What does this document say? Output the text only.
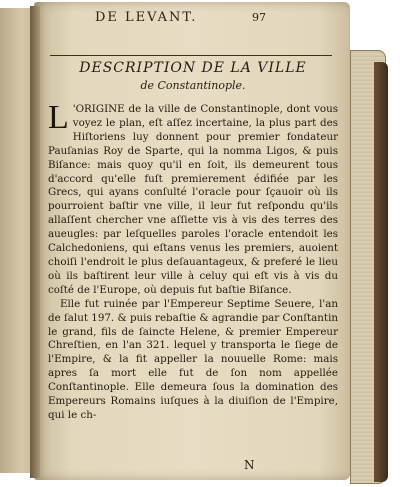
DE LEVANT.	97
DESCRIPTION DE LA VILLE
de Constantinople.

L 'ORIGINE de la ville de Constantinople, dont vous voyez le plan, eſt aſſez incertaine, la plus part des Hiſtoriens luy donnent pour premier fondateur Pauſanias Roy de Sparte, qui la nomma Ligos, & puis Biſance: mais quoy qu'il en ſoit, ils demeurent tous d'accord qu'elle fuſt premierement édifiée par les Grecs, qui ayans conſulté l'oracle pour ſçauoir où ils pourroient baſtir vne ville, il leur fut reſpondu qu'ils allaſſent chercher vne aſſiette vis à vis des terres des aueugles: par leſquelles paroles l'oracle entendoit les Calchedoniens, qui eſtans venus les premiers, auoient choiſi l'endroit le plus deſauantageux, & preferé le lieu où ils baſtirent leur ville à celuy qui eſt vis à vis du coſté de l'Europe, où depuis fut baſtie Biſance.

Elle fut ruinée par l'Empereur Septime Seuere, l'an de ſalut 197. & puis rebaſtie & agrandie par Conſtantin le grand, fils de ſaincte Helene, & premier Empereur Chreſtien, en l'an 321. lequel y transporta le ſiege de l'Empire, & la fit appeller la nouuelle Rome: mais apres ſa mort elle fut de ſon nom appellée Conſtantinople. Elle demeura ſous la domination des Empereurs Romains iuſques à la diuiſion de l'Empire, qui le ch-

N
